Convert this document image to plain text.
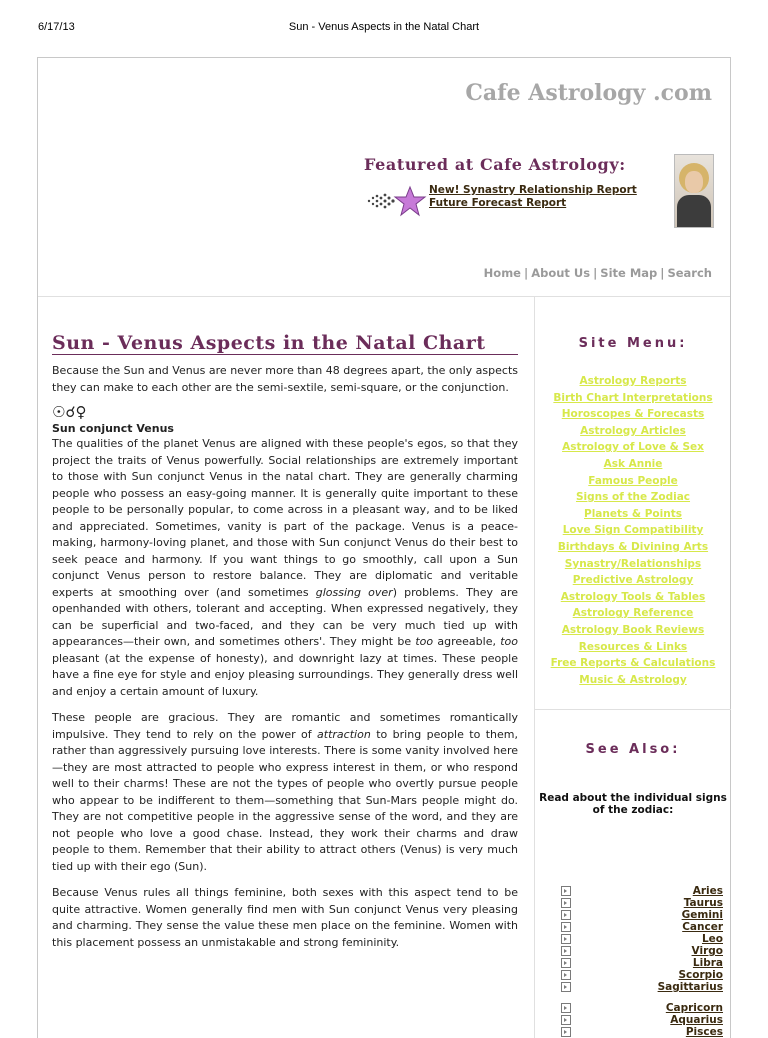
6/17/13	Sun - Venus Aspects in the Natal Chart
Cafe Astrology .com
Featured at Cafe Astrology:
New! Synastry Relationship Report
Future Forecast Report
Home | About Us | Site Map | Search
Sun - Venus Aspects in the Natal Chart

Because the Sun and Venus are never more than 48 degrees apart, the only aspects they can make to each other are the semi-sextile, semi-square, or the conjunction.

☉☌♀
Sun conjunct Venus

The qualities of the planet Venus are aligned with these people's egos, so that they project the traits of Venus powerfully. Social relationships are extremely important to those with Sun conjunct Venus in the natal chart. They are generally charming people who possess an easy-going manner. It is generally quite important to these people to be personally popular, to come across in a pleasant way, and to be liked and appreciated. Sometimes, vanity is part of the package. Venus is a peace-making, harmony-loving planet, and those with Sun conjunct Venus do their best to seek peace and harmony. If you want things to go smoothly, call upon a Sun conjunct Venus person to restore balance. They are diplomatic and veritable experts at smoothing over (and sometimes glossing over) problems. They are openhanded with others, tolerant and accepting. When expressed negatively, they can be superficial and two-faced, and they can be very much tied up with appearances—their own, and sometimes others'. They might be too agreeable, too pleasant (at the expense of honesty), and downright lazy at times. These people have a fine eye for style and enjoy pleasing surroundings. They generally dress well and enjoy a certain amount of luxury.

These people are gracious. They are romantic and sometimes romantically impulsive. They tend to rely on the power of attraction to bring people to them, rather than aggressively pursuing love interests. There is some vanity involved here—they are most attracted to people who express interest in them, or who respond well to their charms! These are not the types of people who overtly pursue people who appear to be indifferent to them—something that Sun-Mars people might do. They are not competitive people in the aggressive sense of the word, and they are not people who love a good chase. Instead, they work their charms and draw people to them. Remember that their ability to attract others (Venus) is very much tied up with their ego (Sun).

Because Venus rules all things feminine, both sexes with this aspect tend to be quite attractive. Women generally find men with Sun conjunct Venus very pleasing and charming. They sense the value these men place on the feminine. Women with this placement possess an unmistakable and strong femininity.

Site Menu:
Astrology Reports
Birth Chart Interpretations
Horoscopes & Forecasts
Astrology Articles
Astrology of Love & Sex
Ask Annie
Famous People
Signs of the Zodiac
Planets & Points
Love Sign Compatibility
Birthdays & Divining Arts
Synastry/Relationships
Predictive Astrology
Astrology Tools & Tables
Astrology Reference
Astrology Book Reviews
Resources & Links
Free Reports & Calculations
Music & Astrology
See Also:
Read about the individual signs of the zodiac:
Aries
Taurus
Gemini
Cancer
Leo
Virgo
Libra
Scorpio
Sagittarius
Capricorn
Aquarius
Pisces
